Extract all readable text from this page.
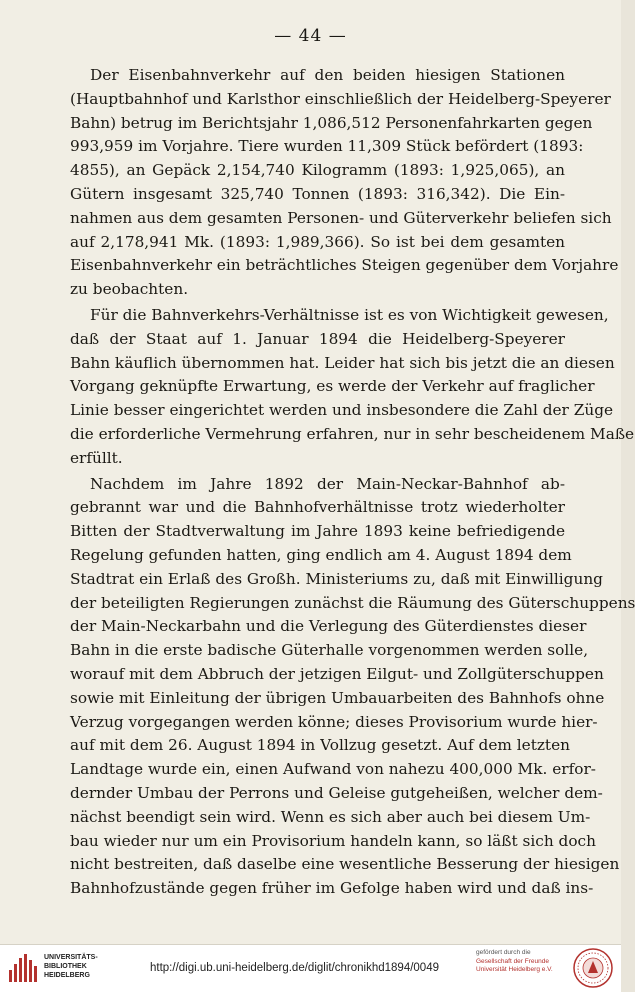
— 44 —
Der Eisenbahnverkehr auf den beiden hiesigen Stationen
(Hauptbahnhof und Karlsthor einschließlich der Heidelberg-Speyerer
Bahn) betrug im Berichtsjahr 1,086,512 Personenfahrkarten gegen
993,959 im Vorjahre. Tiere wurden 11,309 Stück befördert (1893:
4855), an Gepäck 2,154,740 Kilogramm (1893: 1,925,065), an
Gütern insgesamt 325,740 Tonnen (1893: 316,342). Die Ein-
nahmen aus dem gesamten Personen- und Güterverkehr beliefen sich
auf 2,178,941 Mk. (1893: 1,989,366). So ist bei dem gesamten
Eisenbahnverkehr ein beträchtliches Steigen gegenüber dem Vorjahre
zu beobachten.
Für die Bahnverkehrs-Verhältnisse ist es von Wichtigkeit gewesen,
daß der Staat auf 1. Januar 1894 die Heidelberg-Speyerer
Bahn käuflich übernommen hat. Leider hat sich bis jetzt die an diesen
Vorgang geknüpfte Erwartung, es werde der Verkehr auf fraglicher
Linie besser eingerichtet werden und insbesondere die Zahl der Züge
die erforderliche Vermehrung erfahren, nur in sehr bescheidenem Maße
erfüllt.
Nachdem im Jahre 1892 der Main-Neckar-Bahnhof ab-
gebrannt war und die Bahnhofverhältnisse trotz wiederholter
Bitten der Stadtverwaltung im Jahre 1893 keine befriedigende
Regelung gefunden hatten, ging endlich am 4. August 1894 dem
Stadtrat ein Erlaß des Großh. Ministeriums zu, daß mit Einwilligung
der beteiligten Regierungen zunächst die Räumung des Güterschuppens
der Main-Neckarbahn und die Verlegung des Güterdienstes dieser
Bahn in die erste badische Güterhalle vorgenommen werden solle,
worauf mit dem Abbruch der jetzigen Eilgut- und Zollgüterschuppen
sowie mit Einleitung der übrigen Umbauarbeiten des Bahnhofs ohne
Verzug vorgegangen werden könne; dieses Provisorium wurde hier-
auf mit dem 26. August 1894 in Vollzug gesetzt. Auf dem letzten
Landtage wurde ein, einen Aufwand von nahezu 400,000 Mk. erfor-
dernder Umbau der Perrons und Geleise gutgeheißen, welcher dem-
nächst beendigt sein wird. Wenn es sich aber auch bei diesem Um-
bau wieder nur um ein Provisorium handeln kann, so läßt sich doch
nicht bestreiten, daß daselbe eine wesentliche Besserung der hiesigen
Bahnhofzustände gegen früher im Gefolge haben wird und daß ins-
UNIVERSITÄTS-
BIBLIOTHEK
HEIDELBERG
http://digi.ub.uni-heidelberg.de/diglit/chronikhd1894/0049
gefördert durch die
Gesellschaft der Freunde
Universität Heidelberg e.V.
